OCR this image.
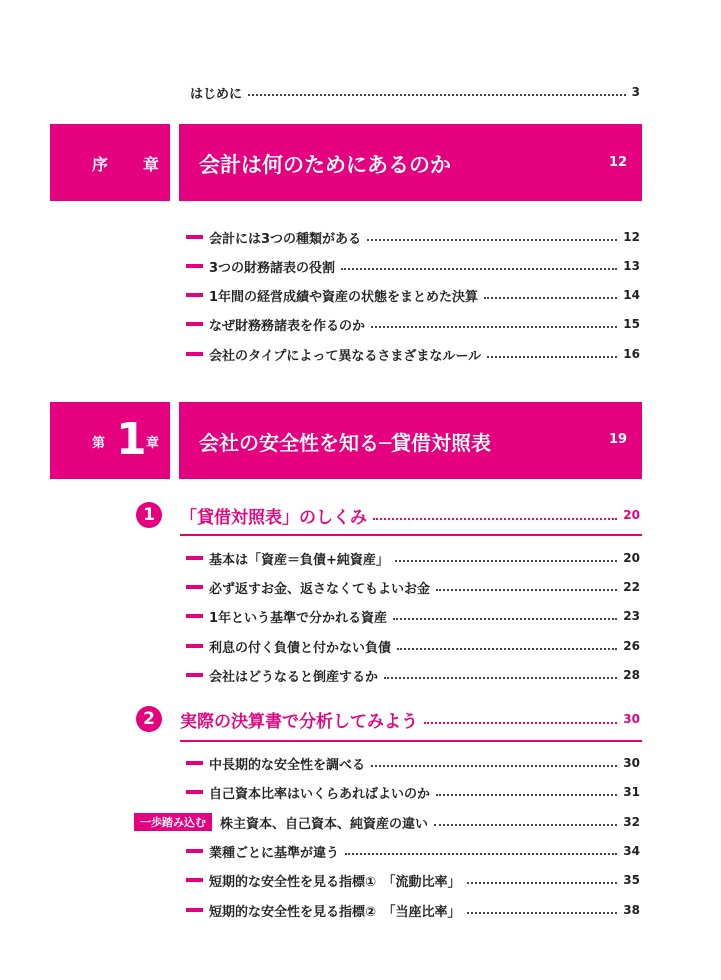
はじめに	3
序 章 会計は何のためにあるのか	12
会計には3つの種類がある	12
3つの財務諸表の役割	13
1年間の経営成績や資産の状態をまとめた決算	14
なぜ財務務諸表を作るのか	15
会社のタイプによって異なるさまざまなルール	16
第 1 章 会社の安全性を知る─貸借対照表	19
1	「貸借対照表」のしくみ	20
基本は「資産＝負債+純資産」	20
必ず返すお金、返さなくてもよいお金	22
1年という基準で分かれる資産	23
利息の付く負債と付かない負債	26
会社はどうなると倒産するか	28
2	実際の決算書で分析してみよう	30
中長期的な安全性を調べる	30
自己資本比率はいくらあればよいのか	31
一歩踏み込む	株主資本、自己資本、純資産の違い	32
業種ごとに基準が違う	34
短期的な安全性を見る指標①　「流動比率」	35
短期的な安全性を見る指標②　「当座比率」	38
